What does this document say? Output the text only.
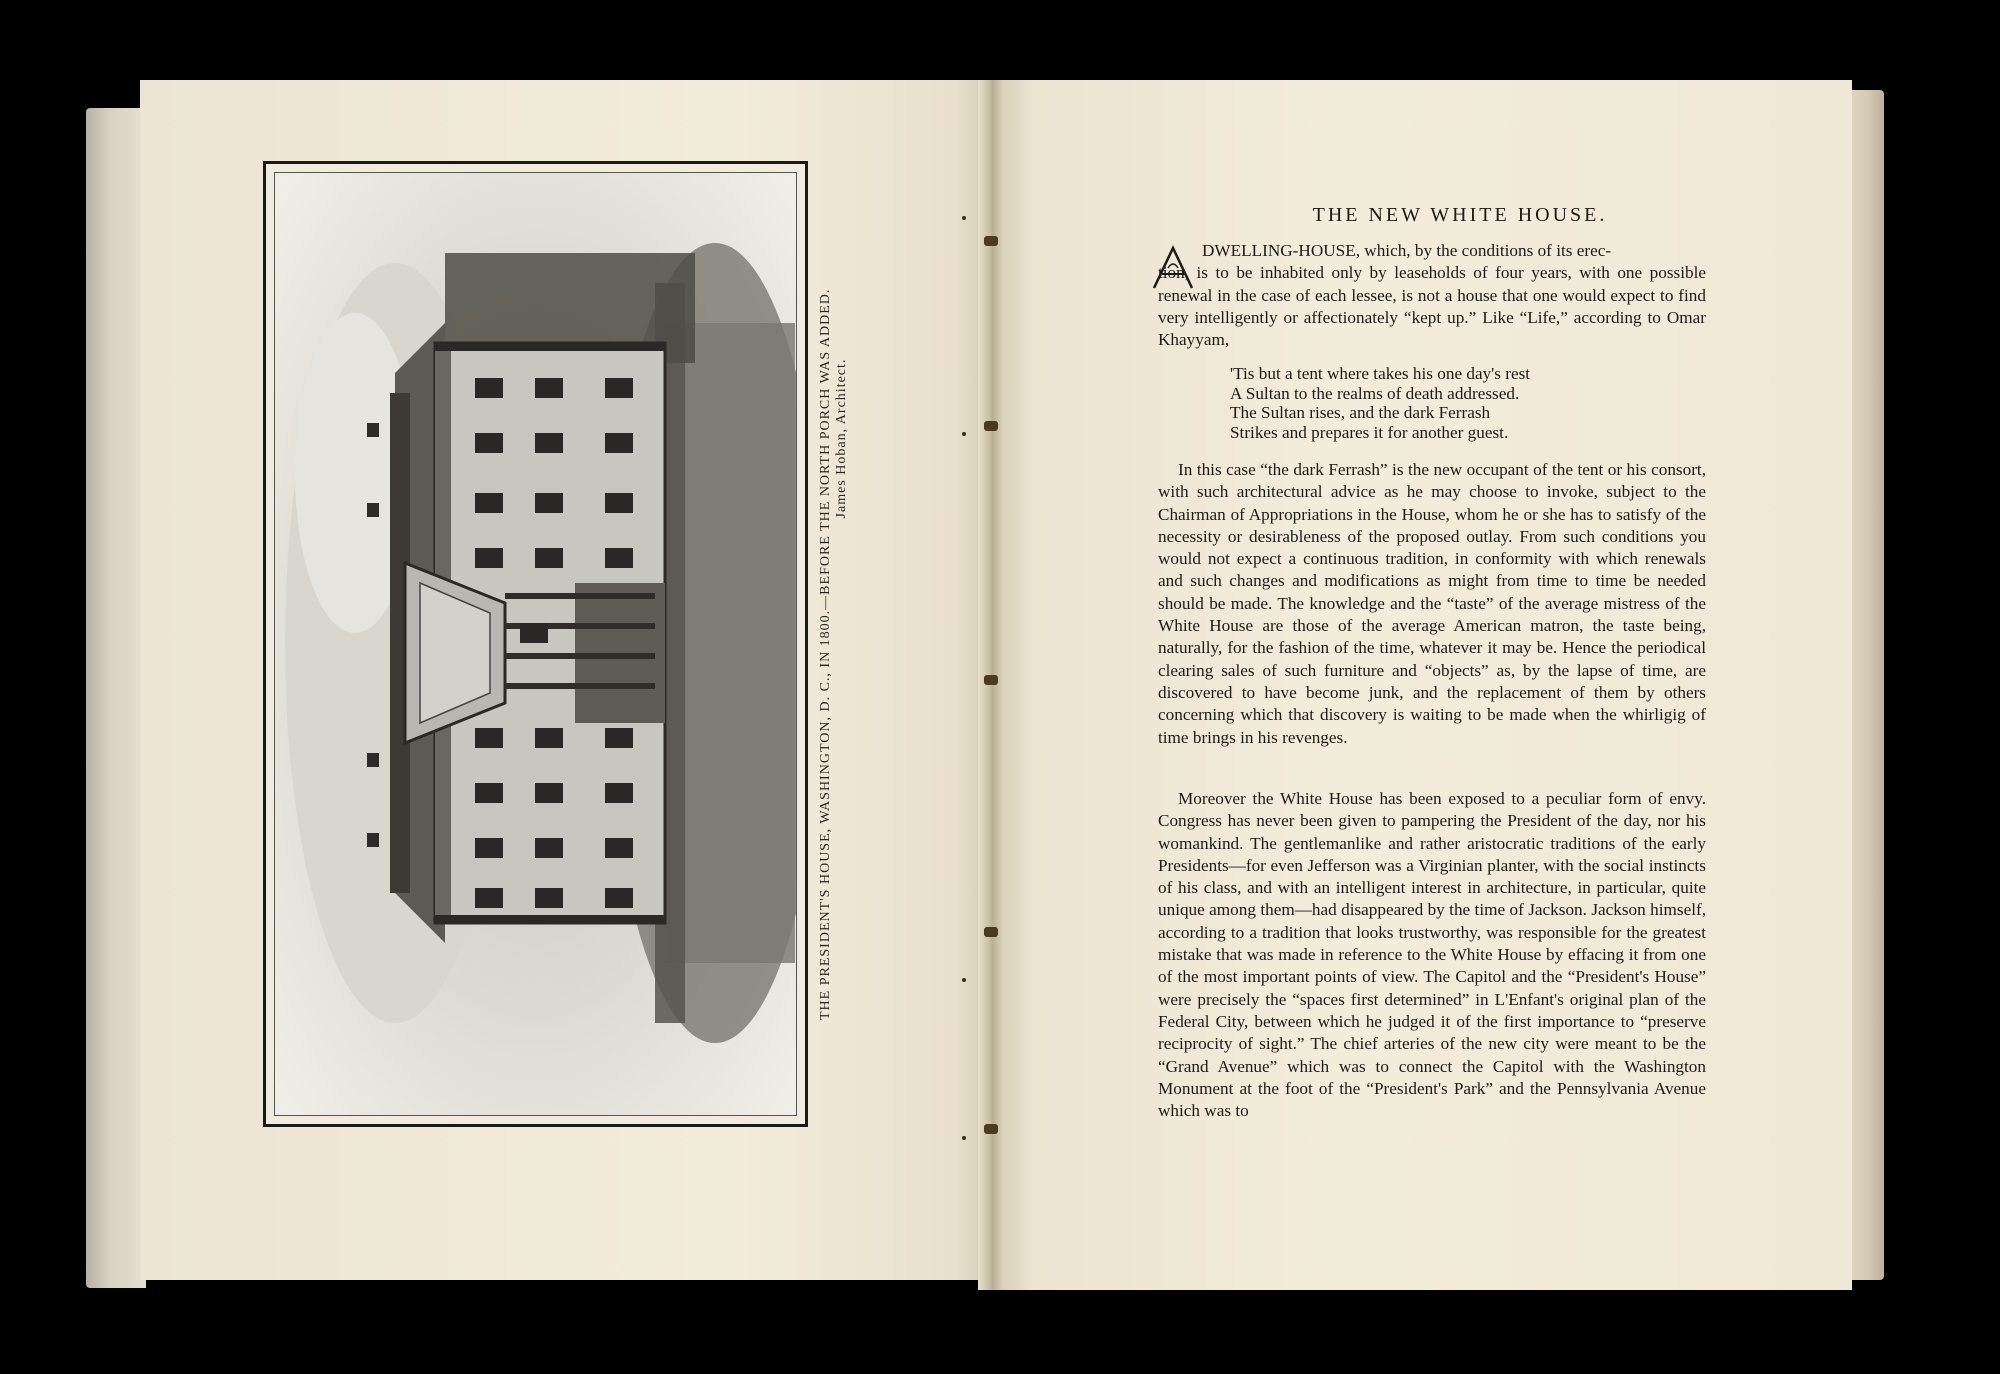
THE PRESIDENT'S HOUSE, WASHINGTON, D. C., IN 1800.—BEFORE THE NORTH PORCH WAS ADDED. James Hoban, Architect.
THE NEW WHITE HOUSE.
DWELLING-HOUSE, which, by the conditions of its erec-
tion, is to be inhabited only by leaseholds of four years, with one possible renewal in the case of each lessee, is not a house that one would expect to find very intelligently or affectionately “kept up.” Like “Life,” according to Omar Khayyam,
'Tis but a tent where takes his one day's rest
A Sultan to the realms of death addressed.
The Sultan rises, and the dark Ferrash
Strikes and prepares it for another guest.
In this case “the dark Ferrash” is the new occupant of the tent or his consort, with such architectural advice as he may choose to invoke, subject to the Chairman of Appropriations in the House, whom he or she has to satisfy of the necessity or desirableness of the proposed outlay. From such conditions you would not expect a continuous tradition, in conformity with which renewals and such changes and modifications as might from time to time be needed should be made. The knowledge and the “taste” of the average mistress of the White House are those of the average American matron, the taste being, naturally, for the fashion of the time, whatever it may be. Hence the periodical clearing sales of such furniture and “objects” as, by the lapse of time, are discovered to have become junk, and the replacement of them by others concerning which that discovery is waiting to be made when the whirligig of time brings in his revenges.
Moreover the White House has been exposed to a peculiar form of envy. Congress has never been given to pampering the President of the day, nor his womankind. The gentlemanlike and rather aristocratic traditions of the early Presidents—for even Jefferson was a Virginian planter, with the social instincts of his class, and with an intelligent interest in architecture, in particular, quite unique among them—had disappeared by the time of Jackson. Jackson himself, according to a tradition that looks trustworthy, was responsible for the greatest mistake that was made in reference to the White House by effacing it from one of the most important points of view. The Capitol and the “President's House” were precisely the “spaces first determined” in L'Enfant's original plan of the Federal City, between which he judged it of the first importance to “preserve reciprocity of sight.” The chief arteries of the new city were meant to be the “Grand Avenue” which was to connect the Capitol with the Washington Monument at the foot of the “President's Park” and the Pennsylvania Avenue which was to
